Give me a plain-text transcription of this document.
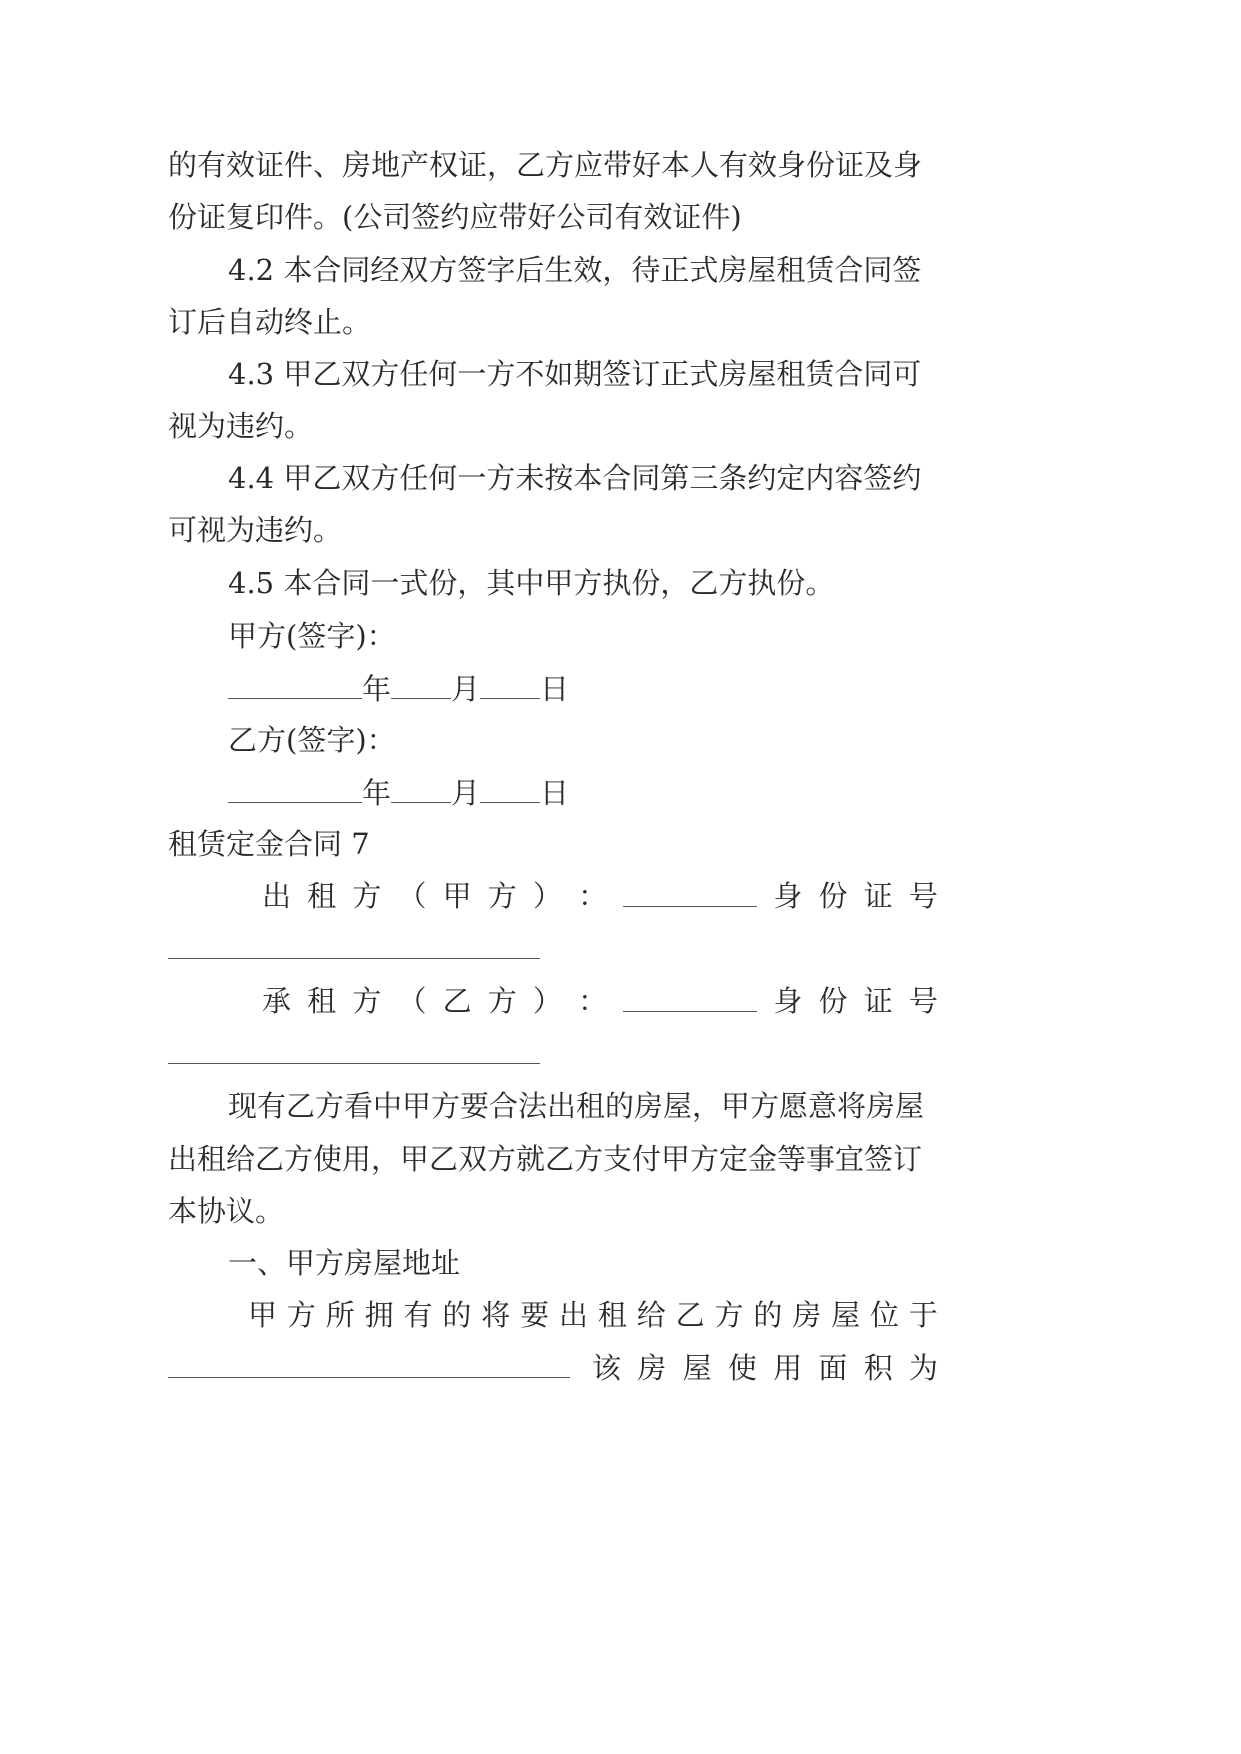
的有效证件、房地产权证，乙方应带好本人有效身份证及身
份证复印件。(公司签约应带好公司有效证件)
4.2 本合同经双方签字后生效，待正式房屋租赁合同签
订后自动终止。
4.3 甲乙双方任何一方不如期签订正式房屋租赁合同可
视为违约。
4.4 甲乙双方任何一方未按本合同第三条约定内容签约
可视为违约。
4.5 本合同一式份，其中甲方执份，乙方执份。
甲方(签字)：
年 月 日
乙方(签字)：
年 月 日
租赁定金合同 7
出 租 方 （ 甲 方 ） ：	身 份 证 号
承 租 方 （ 乙 方 ） ：	身 份 证 号
现有乙方看中甲方要合法出租的房屋，甲方愿意将房屋
出租给乙方使用，甲乙双方就乙方支付甲方定金等事宜签订
本协议。
一、甲方房屋地址
甲 方 所 拥 有 的 将 要 出 租 给 乙 方 的 房 屋 位 于
该 房 屋 使 用 面 积 为
